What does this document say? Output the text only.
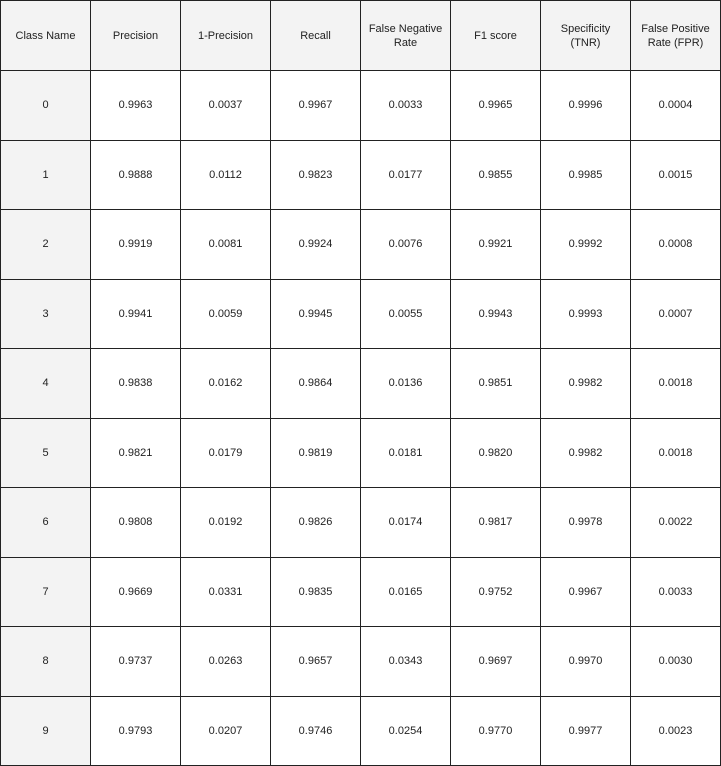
Class Name	Precision	1-Precision	Recall	False Negative Rate	F1 score	Specificity (TNR)	False Positive Rate (FPR)
0	0.9963	0.0037	0.9967	0.0033	0.9965	0.9996	0.0004
1	0.9888	0.0112	0.9823	0.0177	0.9855	0.9985	0.0015
2	0.9919	0.0081	0.9924	0.0076	0.9921	0.9992	0.0008
3	0.9941	0.0059	0.9945	0.0055	0.9943	0.9993	0.0007
4	0.9838	0.0162	0.9864	0.0136	0.9851	0.9982	0.0018
5	0.9821	0.0179	0.9819	0.0181	0.9820	0.9982	0.0018
6	0.9808	0.0192	0.9826	0.0174	0.9817	0.9978	0.0022
7	0.9669	0.0331	0.9835	0.0165	0.9752	0.9967	0.0033
8	0.9737	0.0263	0.9657	0.0343	0.9697	0.9970	0.0030
9	0.9793	0.0207	0.9746	0.0254	0.9770	0.9977	0.0023
